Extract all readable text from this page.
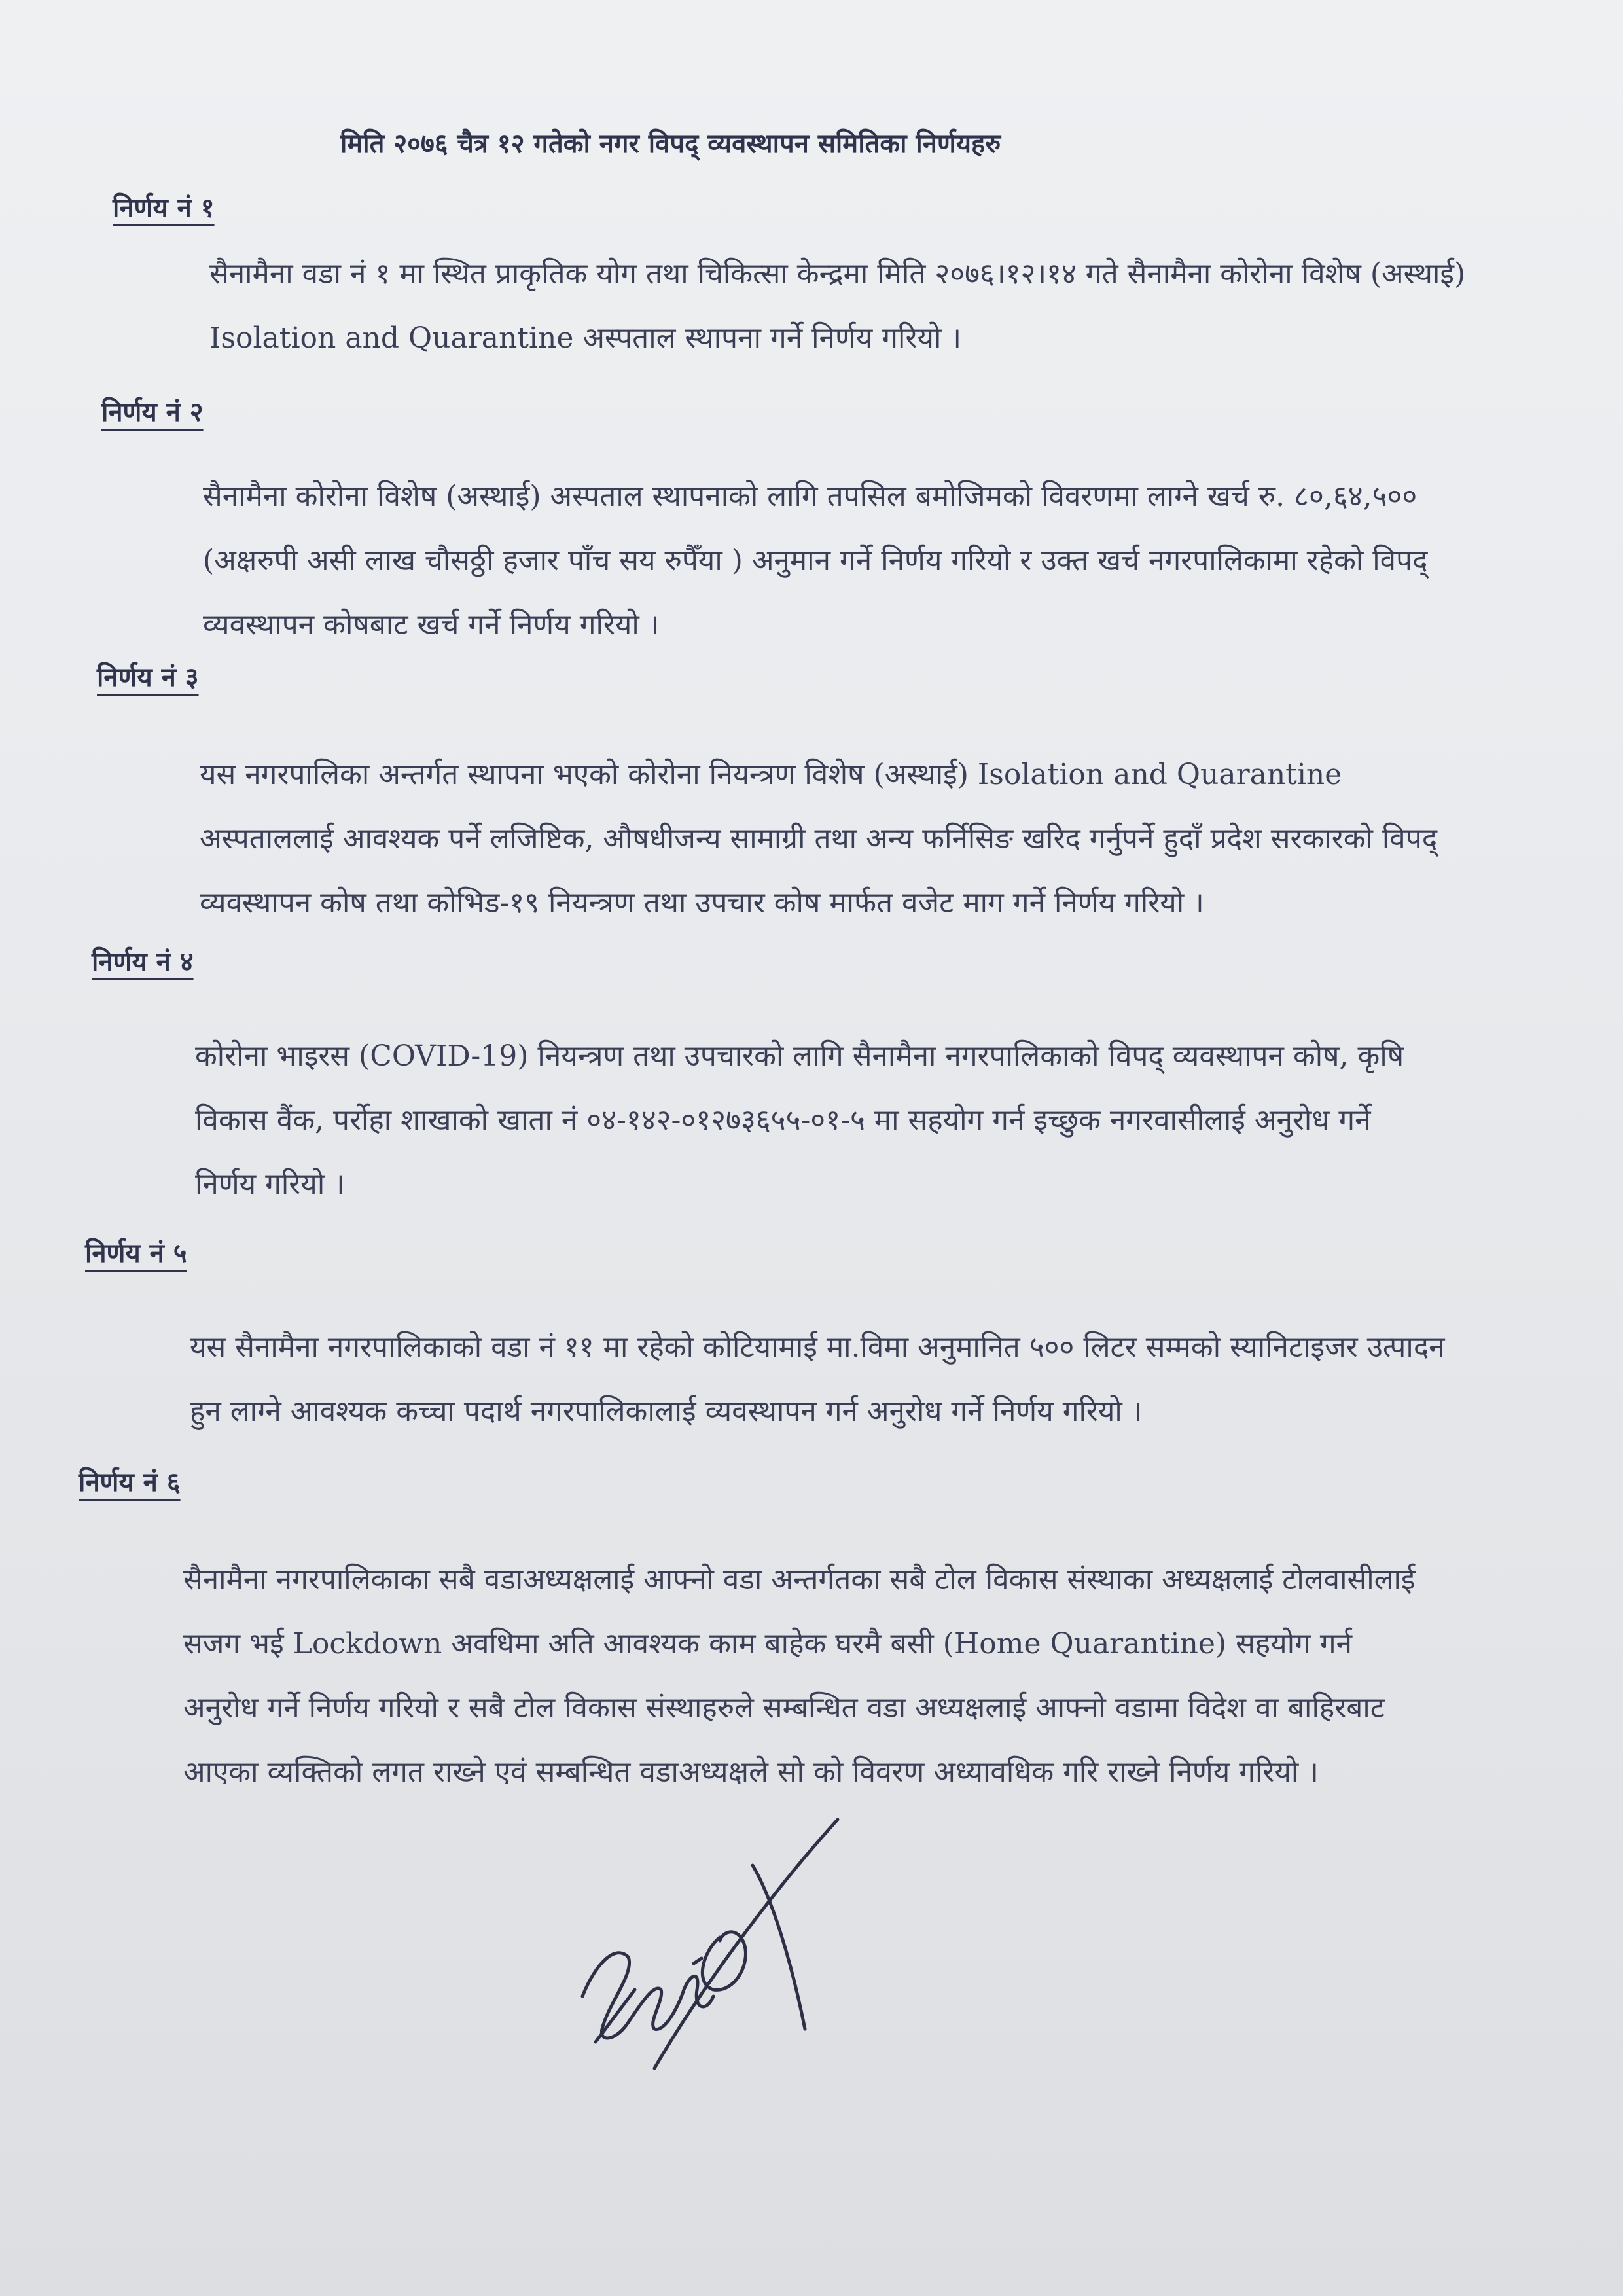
मिति २०७६ चैत्र १२ गतेको नगर विपद् व्यवस्थापन समितिका निर्णयहरु
निर्णय नं १
सैनामैना वडा नं १ मा स्थित प्राकृतिक योग तथा चिकित्सा केन्द्रमा मिति २०७६।१२।१४ गते सैनामैना कोरोना विशेष (अस्थाई)
Isolation and Quarantine अस्पताल स्थापना गर्ने निर्णय गरियो ।
निर्णय नं २
सैनामैना कोरोना विशेष (अस्थाई) अस्पताल स्थापनाको लागि तपसिल बमोजिमको विवरणमा लाग्ने खर्च रु. ८०,६४,५००
(अक्षरुपी असी लाख चौसठ्ठी हजार पाँच सय रुपैँया ) अनुमान गर्ने निर्णय गरियो र उक्त खर्च नगरपालिकामा रहेको विपद्
व्यवस्थापन कोषबाट खर्च गर्ने निर्णय गरियो ।
निर्णय नं ३
यस नगरपालिका अन्तर्गत स्थापना भएको कोरोना नियन्त्रण विशेष (अस्थाई) Isolation and Quarantine
अस्पताललाई आवश्यक पर्ने लजिष्टिक, औषधीजन्य सामाग्री तथा अन्य फर्निसिङ खरिद गर्नुपर्ने हुदाँ प्रदेश सरकारको विपद्
व्यवस्थापन कोष तथा कोभिड-१९ नियन्त्रण तथा उपचार कोष मार्फत वजेट माग गर्ने निर्णय गरियो ।
निर्णय नं ४
कोरोना भाइरस (COVID-19) नियन्त्रण तथा उपचारको लागि सैनामैना नगरपालिकाको विपद् व्यवस्थापन कोष, कृषि
विकास वैंक, पर्रोहा शाखाको खाता नं ०४-१४२-०१२७३६५५-०१-५ मा सहयोग गर्न इच्छुक नगरवासीलाई अनुरोध गर्ने
निर्णय गरियो ।
निर्णय नं ५
यस सैनामैना नगरपालिकाको वडा नं ११ मा रहेको कोटियामाई मा.विमा अनुमानित ५०० लिटर सम्मको स्यानिटाइजर उत्पादन
हुन लाग्ने आवश्यक कच्चा पदार्थ नगरपालिकालाई व्यवस्थापन गर्न अनुरोध गर्ने निर्णय गरियो ।
निर्णय नं ६
सैनामैना नगरपालिकाका सबै वडाअध्यक्षलाई आफ्नो वडा अन्तर्गतका सबै टोल विकास संस्थाका अध्यक्षलाई टोलवासीलाई
सजग भई Lockdown अवधिमा अति आवश्यक काम बाहेक घरमै बसी (Home Quarantine) सहयोग गर्न
अनुरोध गर्ने निर्णय गरियो र सबै टोल विकास संस्थाहरुले सम्बन्धित वडा अध्यक्षलाई आफ्नो वडामा विदेश वा बाहिरबाट
आएका व्यक्तिको लगत राख्ने एवं सम्बन्धित वडाअध्यक्षले सो को विवरण अध्यावधिक गरि राख्ने निर्णय गरियो ।
